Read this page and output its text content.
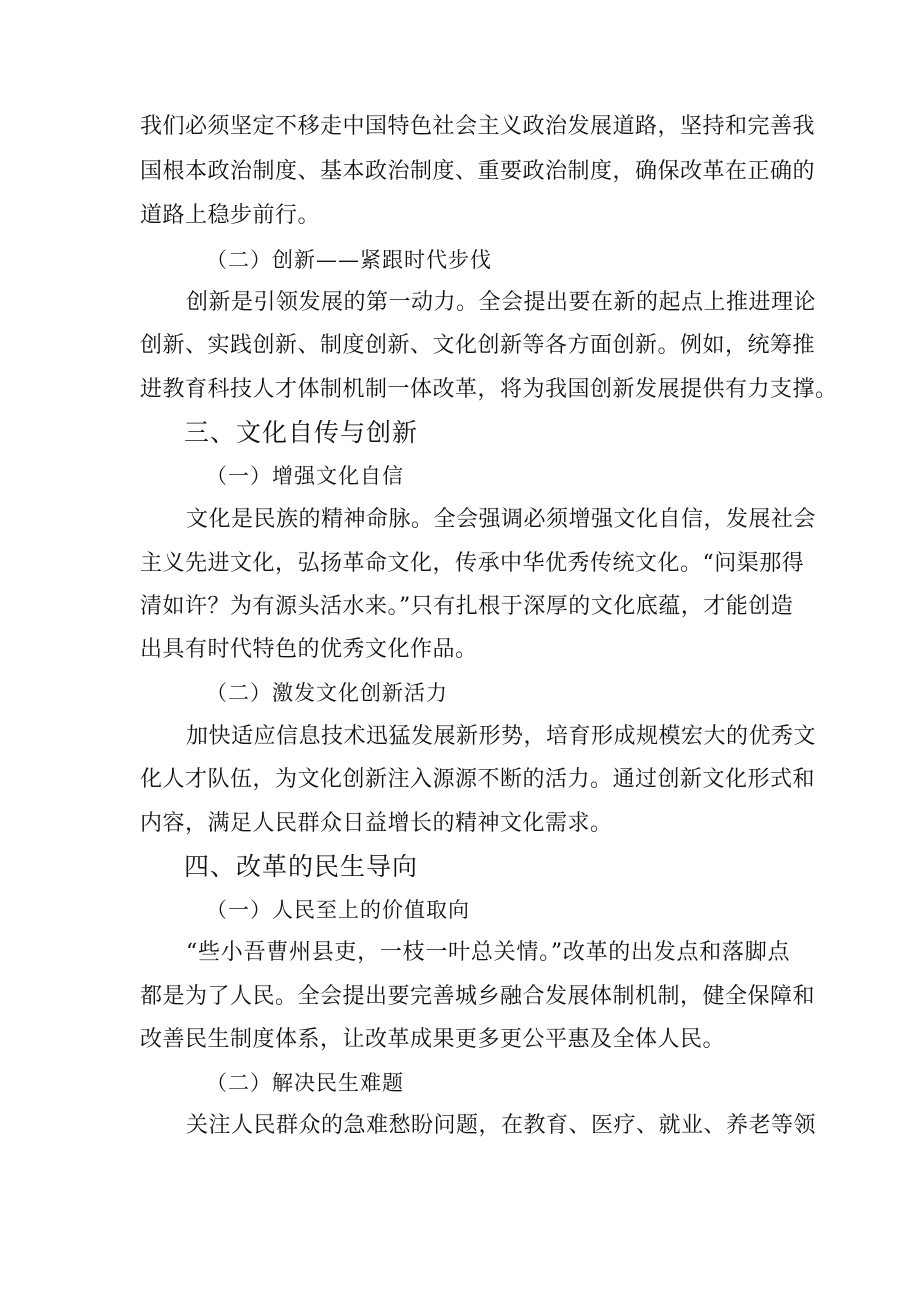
我们必须坚定不移走中国特色社会主义政治发展道路，坚持和完善我
国根本政治制度、基本政治制度、重要政治制度，确保改革在正确的
道路上稳步前行。
（二）创新——紧跟时代步伐
创新是引领发展的第一动力。全会提出要在新的起点上推进理论
创新、实践创新、制度创新、文化创新等各方面创新。例如，统筹推
进教育科技人才体制机制一体改革，将为我国创新发展提供有力支撑。
三、文化自传与创新
（一）增强文化自信
文化是民族的精神命脉。全会强调必须增强文化自信，发展社会
主义先进文化，弘扬革命文化，传承中华优秀传统文化。“问渠那得
清如许？为有源头活水来。”只有扎根于深厚的文化底蕴，才能创造
出具有时代特色的优秀文化作品。
（二）激发文化创新活力
加快适应信息技术迅猛发展新形势，培育形成规模宏大的优秀文
化人才队伍，为文化创新注入源源不断的活力。通过创新文化形式和
内容，满足人民群众日益增长的精神文化需求。
四、改革的民生导向
（一）人民至上的价值取向
“些小吾曹州县吏，一枝一叶总关情。”改革的出发点和落脚点
都是为了人民。全会提出要完善城乡融合发展体制机制，健全保障和
改善民生制度体系，让改革成果更多更公平惠及全体人民。
（二）解决民生难题
关注人民群众的急难愁盼问题，在教育、医疗、就业、养老等领
